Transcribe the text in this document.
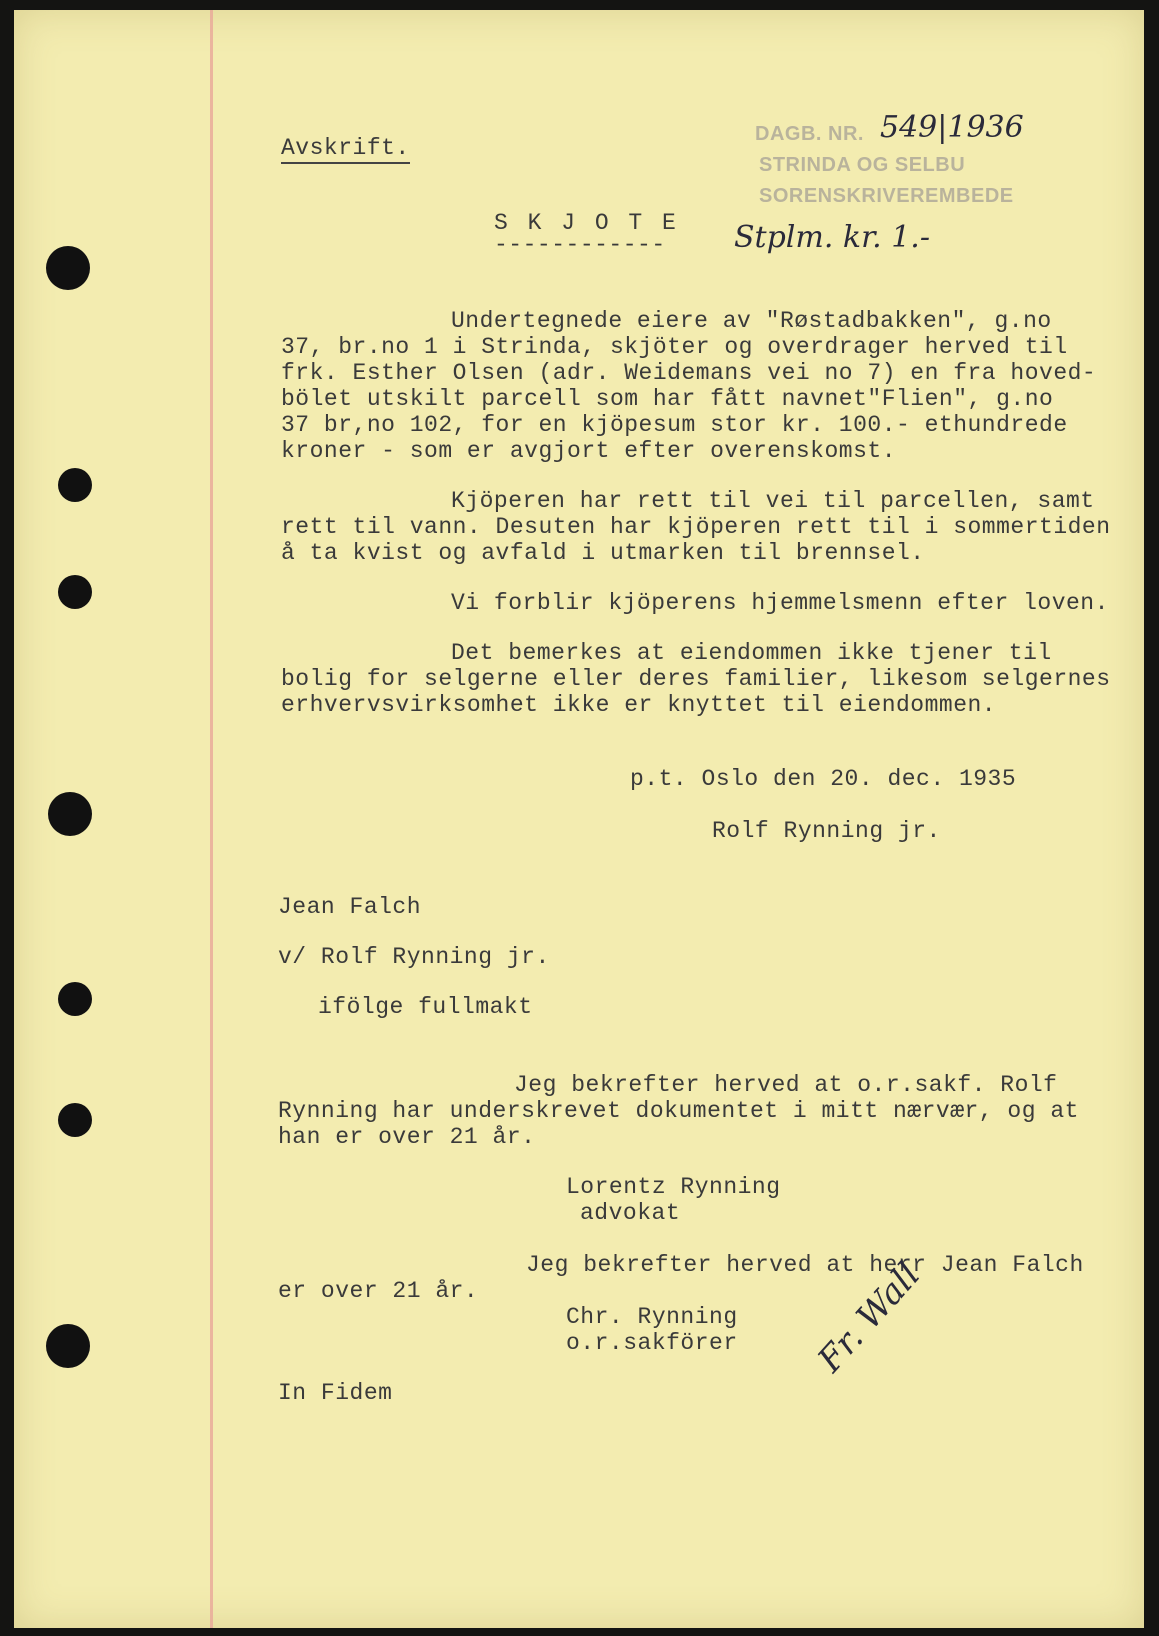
Avskrift.

DAGB. NR. 549|1936

STRINDA OG SELBU

SORENSKRIVEREMBEDE

Stplm. kr. 1.-

S K J O T E

------------

Undertegnede eiere av "Røstadbakken", g.no

37, br.no 1 i Strinda, skjöter og overdrager herved til

frk. Esther Olsen (adr. Weidemans vei no 7) en fra hoved-

bölet utskilt parcell som har fått navnet"Flien", g.no

37 br,no 102, for en kjöpesum stor kr. 100.- ethundrede

kroner - som er avgjort efter overenskomst.

Kjöperen har rett til vei til parcellen, samt

rett til vann. Desuten har kjöperen rett til i sommertiden

å ta kvist og avfald i utmarken til brennsel.

Vi forblir kjöperens hjemmelsmenn efter loven.

Det bemerkes at eiendommen ikke tjener til

bolig for selgerne eller deres familier, likesom selgernes

erhvervsvirksomhet ikke er knyttet til eiendommen.

p.t. Oslo den 20. dec. 1935

Rolf Rynning jr.

Jean Falch

v/ Rolf Rynning jr.

ifölge fullmakt

Jeg bekrefter herved at o.r.sakf. Rolf

Rynning har underskrevet dokumentet i mitt nærvær, og at

han er over 21 år.

Lorentz Rynning

advokat

Jeg bekrefter herved at herr Jean Falch

er over 21 år.

Chr. Rynning

o.r.sakförer

In Fidem

Fr. Wall
